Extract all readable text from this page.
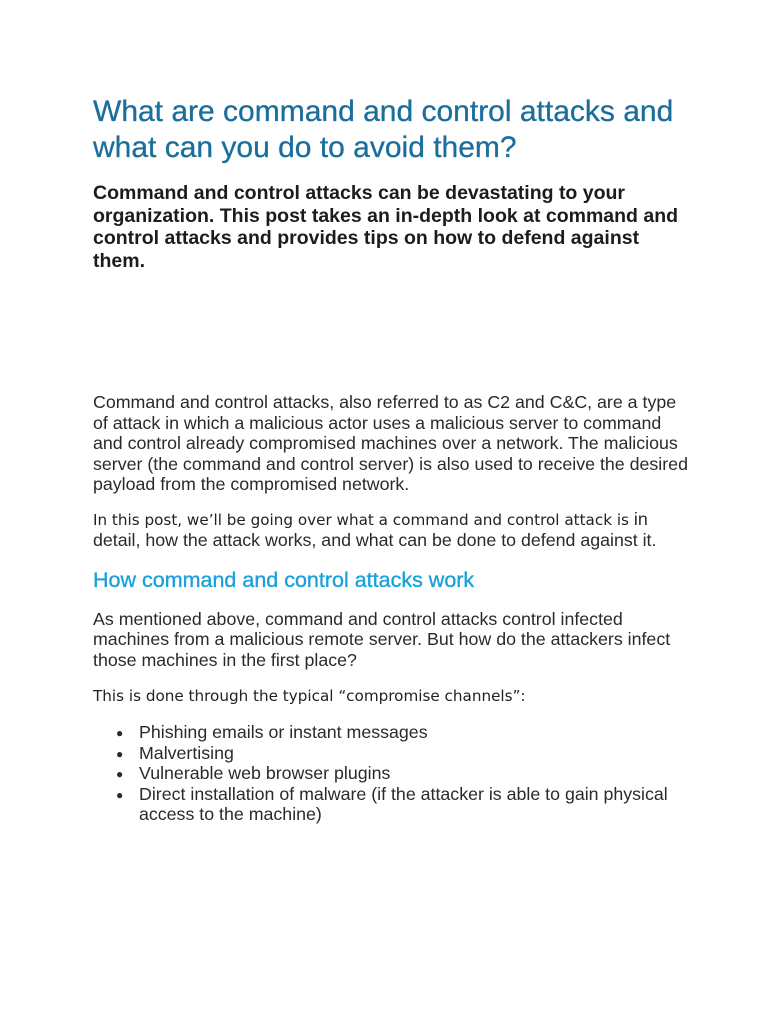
What are command and control attacks and what can you do to avoid them?

Command and control attacks can be devastating to your organization. This post takes an in-depth look at command and control attacks and provides tips on how to defend against them.

Command and control attacks, also referred to as C2 and C&C, are a type of attack in which a malicious actor uses a malicious server to command and control already compromised machines over a network. The malicious server (the command and control server) is also used to receive the desired payload from the compromised network.

In this post, we’ll be going over what a command and control attack is in detail, how the attack works, and what can be done to defend against it.

How command and control attacks work

As mentioned above, command and control attacks control infected machines from a malicious remote server. But how do the attackers infect those machines in the first place?

This is done through the typical “compromise channels”:

● Phishing emails or instant messages
● Malvertising
● Vulnerable web browser plugins
● Direct installation of malware (if the attacker is able to gain physical access to the machine)
